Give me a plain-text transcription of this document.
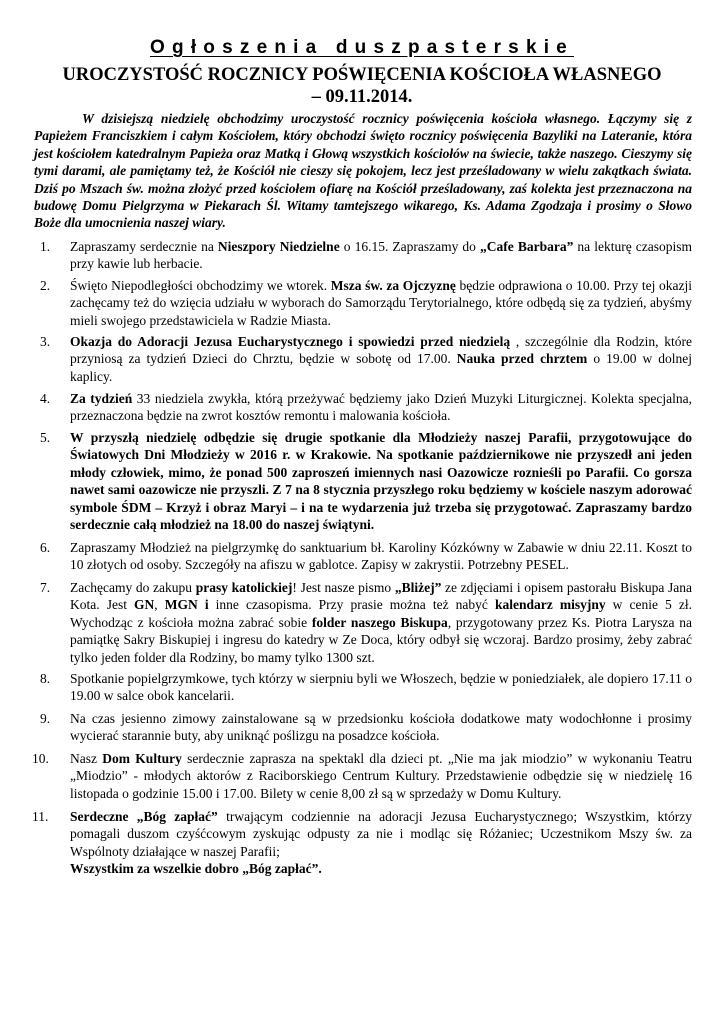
Ogłoszenia duszpasterskie
UROCZYSTOŚĆ ROCZNICY POŚWIĘCENIA KOŚCIOŁA WŁASNEGO
– 09.11.2014.
W dzisiejszą niedzielę obchodzimy uroczystość rocznicy poświęcenia kościoła własnego. Łączymy się z Papieżem Franciszkiem i całym Kościołem, który obchodzi święto rocznicy poświęcenia Bazyliki na Lateranie, która jest kościołem katedralnym Papieża oraz Matką i Głową wszystkich kościołów na świecie, także naszego. Cieszymy się tymi darami, ale pamiętamy też, że Kościół nie cieszy się pokojem, lecz jest prześladowany w wielu zakątkach świata. Dziś po Mszach św. można złożyć przed kościołem ofiarę na Kościół prześladowany, zaś kolekta jest przeznaczona na budowę Domu Pielgrzyma w Piekarach Śl. Witamy tamtejszego wikarego, Ks. Adama Zgodzaja i prosimy o Słowo Boże dla umocnienia naszej wiary.
1.	Zapraszamy serdecznie na Nieszpory Niedzielne o 16.15. Zapraszamy do „Cafe Barbara” na lekturę czasopism przy kawie lub herbacie.
2.	Święto Niepodległości obchodzimy we wtorek. Msza św. za Ojczyznę będzie odprawiona o 10.00. Przy tej okazji zachęcamy też do wzięcia udziału w wyborach do Samorządu Terytorialnego, które odbędą się za tydzień, abyśmy mieli swojego przedstawiciela w Radzie Miasta.
3.	Okazja do Adoracji Jezusa Eucharystycznego i spowiedzi przed niedzielą , szczególnie dla Rodzin, które przyniosą za tydzień Dzieci do Chrztu, będzie w sobotę od 17.00. Nauka przed chrztem o 19.00 w dolnej kaplicy.
4.	Za tydzień 33 niedziela zwykła, którą przeżywać będziemy jako Dzień Muzyki Liturgicznej. Kolekta specjalna, przeznaczona będzie na zwrot kosztów remontu i malowania kościoła.
5.	W przyszłą niedzielę odbędzie się drugie spotkanie dla Młodzieży naszej Parafii, przygotowujące do Światowych Dni Młodzieży w 2016 r. w Krakowie. Na spotkanie październikowe nie przyszedł ani jeden młody człowiek, mimo, że ponad 500 zaproszeń imiennych nasi Oazowicze roznieśli po Parafii. Co gorsza nawet sami oazowicze nie przyszli. Z 7 na 8 stycznia przyszłego roku będziemy w kościele naszym adorować symbole ŚDM – Krzyż i obraz Maryi – i na te wydarzenia już trzeba się przygotować. Zapraszamy bardzo serdecznie całą młodzież na 18.00 do naszej świątyni.
6.	Zapraszamy Młodzież na pielgrzymkę do sanktuarium bł. Karoliny Kózkówny w Zabawie w dniu 22.11. Koszt to 10 złotych od osoby. Szczegóły na afiszu w gablotce. Zapisy w zakrystii. Potrzebny PESEL.
7.	Zachęcamy do zakupu prasy katolickiej! Jest nasze pismo „Bliżej” ze zdjęciami i opisem pastorału Biskupa Jana Kota. Jest GN, MGN i inne czasopisma. Przy prasie można też nabyć kalendarz misyjny w cenie 5 zł. Wychodząc z kościoła można zabrać sobie folder naszego Biskupa, przygotowany przez Ks. Piotra Larysza na pamiątkę Sakry Biskupiej i ingresu do katedry w Ze Doca, który odbył się wczoraj. Bardzo prosimy, żeby zabrać tylko jeden folder dla Rodziny, bo mamy tylko 1300 szt.
8.	Spotkanie popielgrzymkowe, tych którzy w sierpniu byli we Włoszech, będzie w poniedziałek, ale dopiero 17.11 o 19.00 w salce obok kancelarii.
9.	Na czas jesienno zimowy zainstalowane są w przedsionku kościoła dodatkowe maty wodochłonne i prosimy wycierać starannie buty, aby uniknąć poślizgu na posadzce kościoła.
10.	Nasz Dom Kultury serdecznie zaprasza na spektakl dla dzieci pt. „Nie ma jak miodzio” w wykonaniu Teatru „Miodzio” - młodych aktorów z Raciborskiego Centrum Kultury. Przedstawienie odbędzie się w niedzielę 16 listopada o godzinie 15.00 i 17.00. Bilety w cenie 8,00 zł są w sprzedaży w Domu Kultury.
11.	Serdeczne „Bóg zapłać” trwającym codziennie na adoracji Jezusa Eucharystycznego; Wszystkim, którzy pomagali duszom czyśćcowym zyskując odpusty za nie i modląc się Różaniec; Uczestnikom Mszy św. za Wspólnoty działające w naszej Parafii;
Wszystkim za wszelkie dobro „Bóg zapłać”.
